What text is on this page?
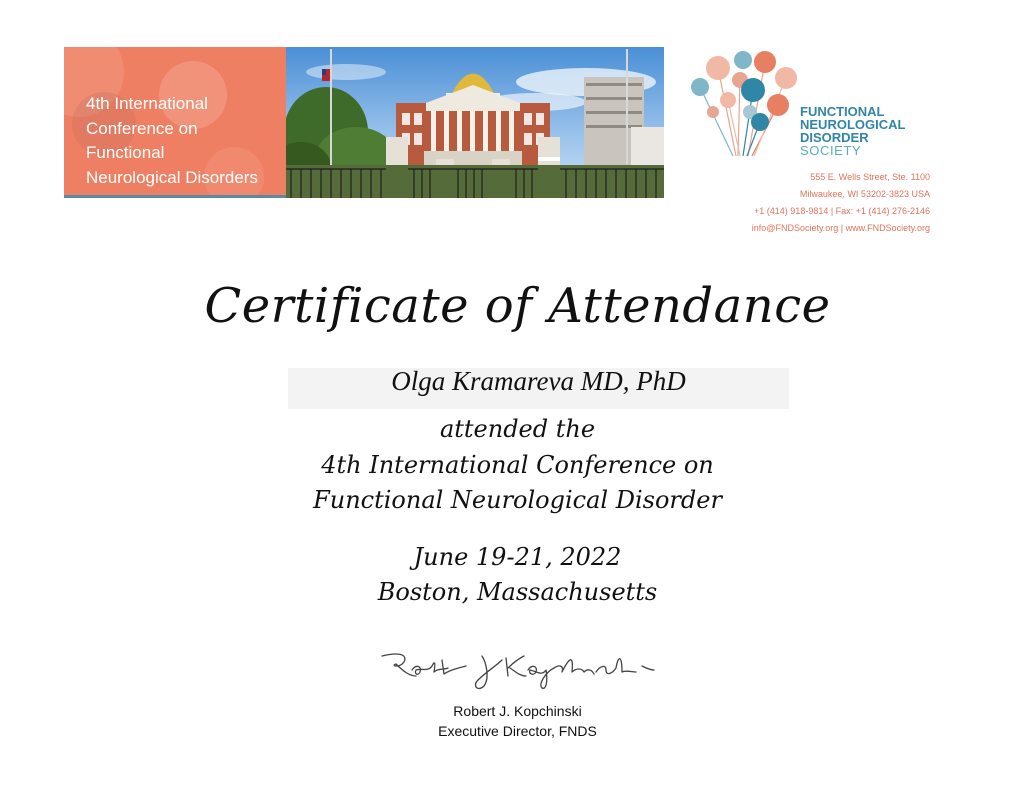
4th International
Conference on
Functional
Neurological Disorders
FUNCTIONAL
NEUROLOGICAL
DISORDER
SOCIETY
555 E. Wells Street, Ste. 1100
Milwaukee, WI 53202-3823 USA
+1 (414) 918-9814 | Fax: +1 (414) 276-2146
info@FNDSociety.org | www.FNDSociety.org
Certificate of Attendance
Olga Kramareva MD, PhD
attended the
4th International Conference on
Functional Neurological Disorder
June 19-21, 2022
Boston, Massachusetts
Robert J. Kopchinski
Executive Director, FNDS
